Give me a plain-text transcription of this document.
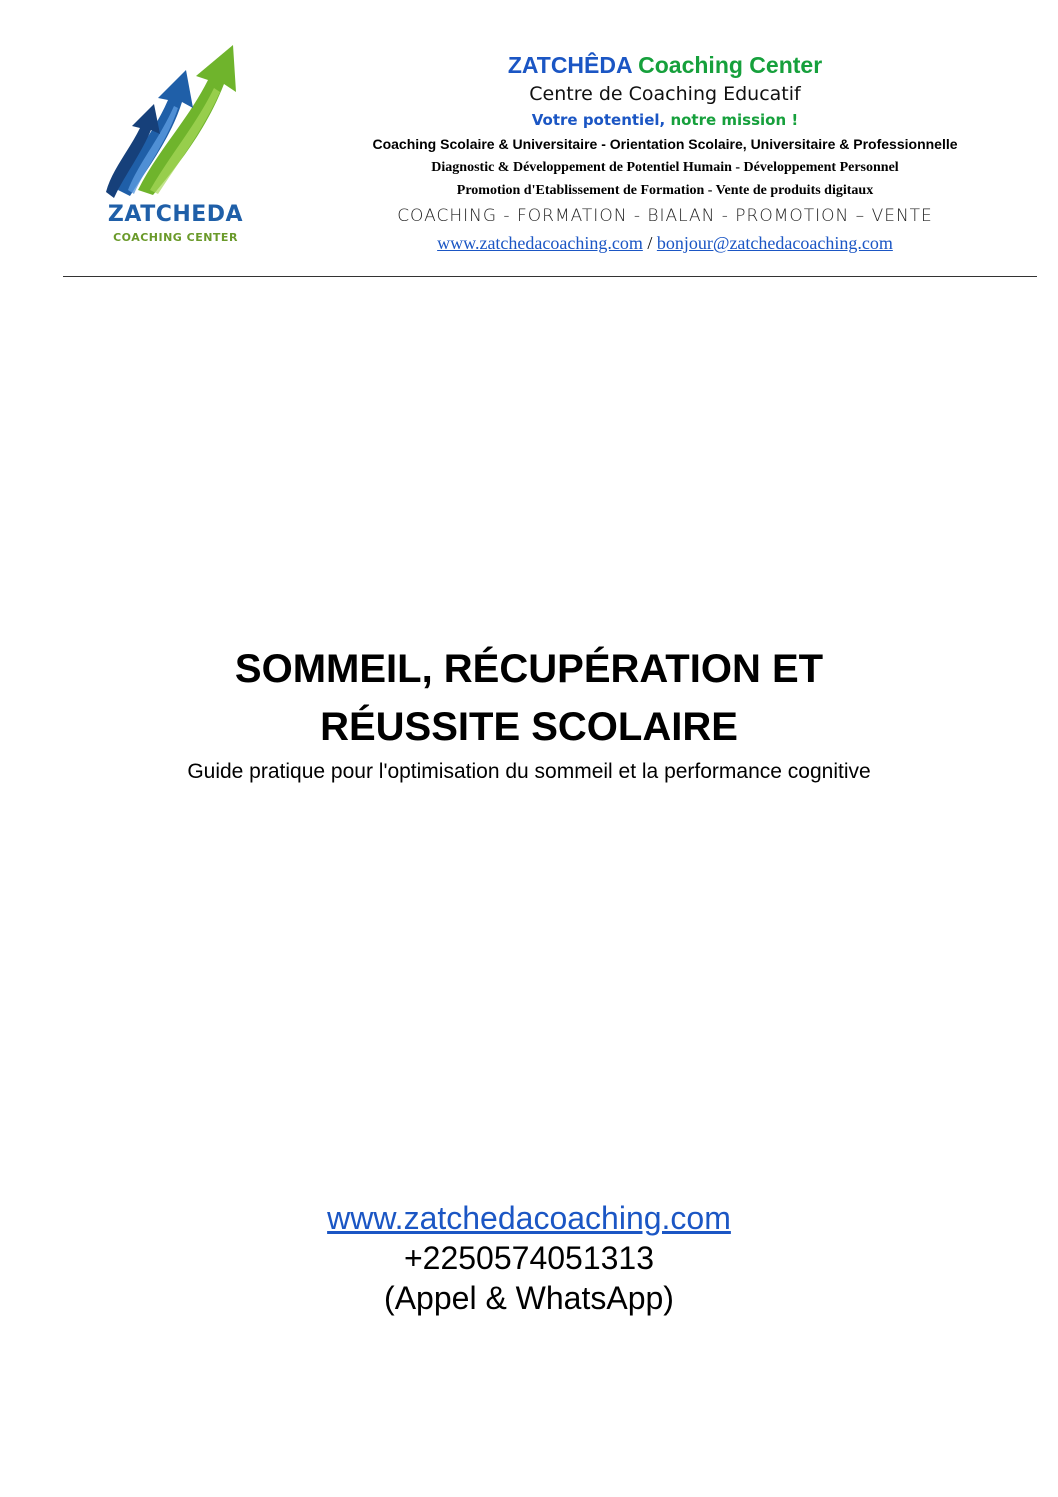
ZATCHEDA
COACHING CENTER
ZATCHÊDA Coaching Center
Centre de Coaching Educatif
Votre potentiel, notre mission !
Coaching Scolaire & Universitaire - Orientation Scolaire, Universitaire & Professionnelle
Diagnostic & Développement de Potentiel Humain - Développement Personnel
Promotion d'Etablissement de Formation - Vente de produits digitaux
COACHING - FORMATION - BIALAN - PROMOTION – VENTE
www.zatchedacoaching.com / bonjour@zatchedacoaching.com
SOMMEIL, RÉCUPÉRATION ET
RÉUSSITE SCOLAIRE
Guide pratique pour l'optimisation du sommeil et la performance cognitive
www.zatchedacoaching.com
+2250574051313
(Appel & WhatsApp)
